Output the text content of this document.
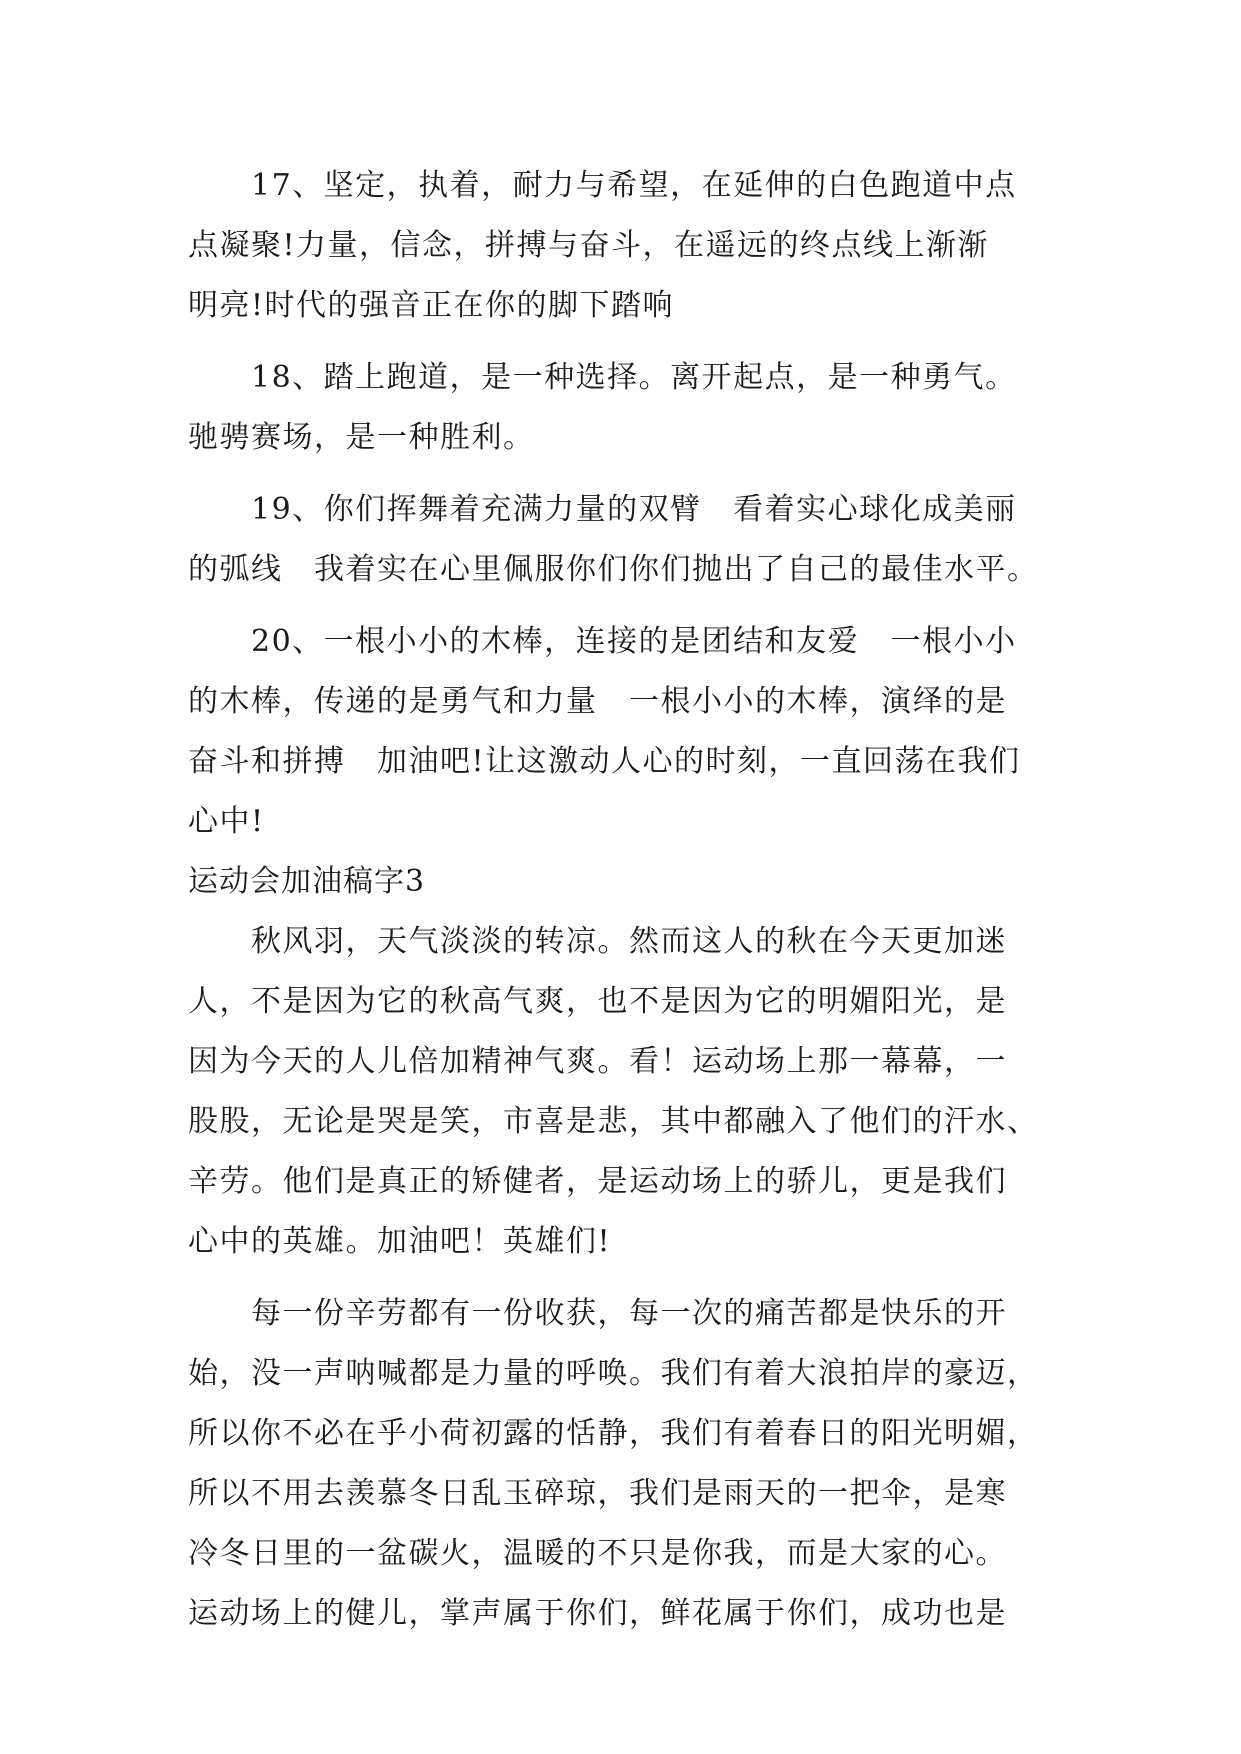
　　17、坚定，执着，耐力与希望，在延伸的白色跑道中点
点凝聚!力量，信念，拼搏与奋斗，在遥远的终点线上渐渐
明亮!时代的强音正在你的脚下踏响
　　18、踏上跑道，是一种选择。离开起点，是一种勇气。
驰骋赛场，是一种胜利。
　　19、你们挥舞着充满力量的双臂　看着实心球化成美丽
的弧线　我着实在心里佩服你们你们抛出了自己的最佳水平。
　　20、一根小小的木棒，连接的是团结和友爱　一根小小
的木棒，传递的是勇气和力量　一根小小的木棒，演绎的是
奋斗和拼搏　加油吧!让这激动人心的时刻，一直回荡在我们
心中!
运动会加油稿字3
　　秋风羽，天气淡淡的转凉。然而这人的秋在今天更加迷
人，不是因为它的秋高气爽，也不是因为它的明媚阳光，是
因为今天的人儿倍加精神气爽。看！运动场上那一幕幕，一
股股，无论是哭是笑，市喜是悲，其中都融入了他们的汗水、
辛劳。他们是真正的矫健者，是运动场上的骄儿，更是我们
心中的英雄。加油吧！英雄们!
　　每一份辛劳都有一份收获，每一次的痛苦都是快乐的开
始，没一声呐喊都是力量的呼唤。我们有着大浪拍岸的豪迈，
所以你不必在乎小荷初露的恬静，我们有着春日的阳光明媚，
所以不用去羡慕冬日乱玉碎琼，我们是雨天的一把伞，是寒
冷冬日里的一盆碳火，温暖的不只是你我，而是大家的心。
运动场上的健儿，掌声属于你们，鲜花属于你们，成功也是
